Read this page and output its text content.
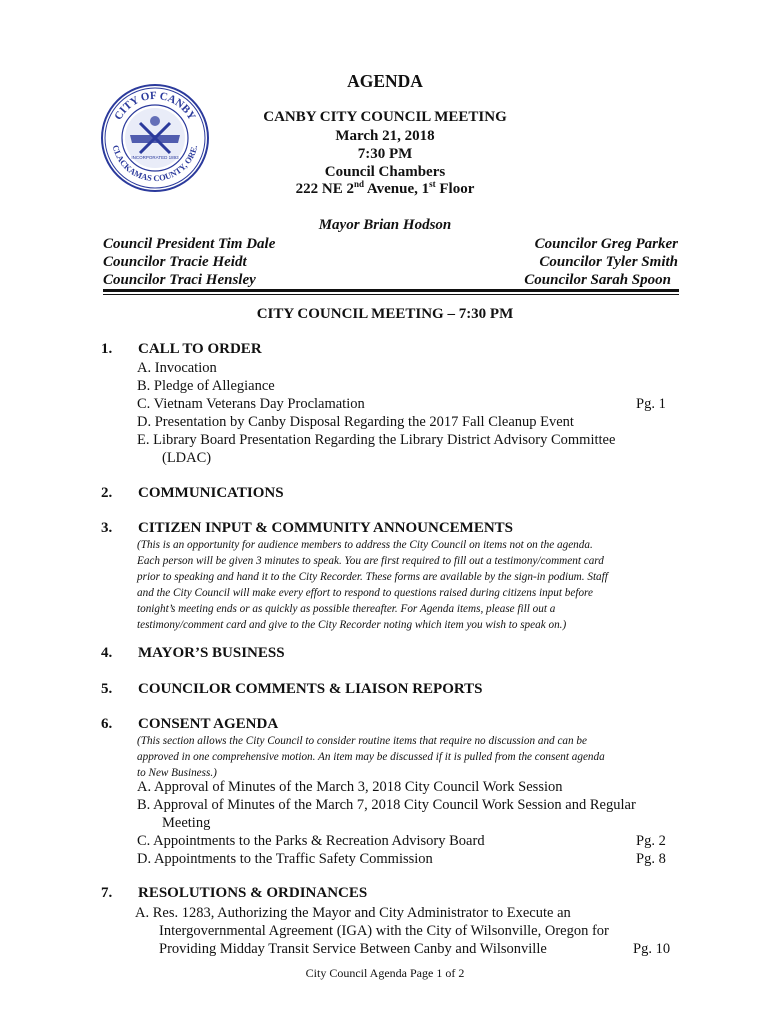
CITY OF CANBY
CLACKAMAS COUNTY, ORE.
INCORPORATED 1893
AGENDA
CANBY CITY COUNCIL MEETING
March 21, 2018
7:30 PM
Council Chambers
222 NE 2nd Avenue, 1st Floor
Mayor Brian Hodson
Council President Tim Dale
Councilor Tracie Heidt
Councilor Traci Hensley
Councilor Greg Parker
Councilor Tyler Smith
Councilor Sarah Spoon
CITY COUNCIL MEETING – 7:30 PM
1. CALL TO ORDER
A. Invocation
B. Pledge of Allegiance
C. Vietnam Veterans Day Proclamation	Pg. 1
D. Presentation by Canby Disposal Regarding the 2017 Fall Cleanup Event
E. Library Board Presentation Regarding the Library District Advisory Committee
(LDAC)
2. COMMUNICATIONS
3. CITIZEN INPUT & COMMUNITY ANNOUNCEMENTS
(This is an opportunity for audience members to address the City Council on items not on the agenda.
Each person will be given 3 minutes to speak. You are first required to fill out a testimony/comment card
prior to speaking and hand it to the City Recorder. These forms are available by the sign-in podium. Staff
and the City Council will make every effort to respond to questions raised during citizens input before
tonight’s meeting ends or as quickly as possible thereafter. For Agenda items, please fill out a
testimony/comment card and give to the City Recorder noting which item you wish to speak on.)
4. MAYOR’S BUSINESS
5. COUNCILOR COMMENTS & LIAISON REPORTS
6. CONSENT AGENDA
(This section allows the City Council to consider routine items that require no discussion and can be
approved in one comprehensive motion. An item may be discussed if it is pulled from the consent agenda
to New Business.)
A. Approval of Minutes of the March 3, 2018 City Council Work Session
B. Approval of Minutes of the March 7, 2018 City Council Work Session and Regular
Meeting
C. Appointments to the Parks & Recreation Advisory Board	Pg. 2
D. Appointments to the Traffic Safety Commission	Pg. 8
7. RESOLUTIONS & ORDINANCES
A. Res. 1283, Authorizing the Mayor and City Administrator to Execute an
Intergovernmental Agreement (IGA) with the City of Wilsonville, Oregon for
Providing Midday Transit Service Between Canby and Wilsonville	Pg. 10
City Council Agenda Page 1 of 2
